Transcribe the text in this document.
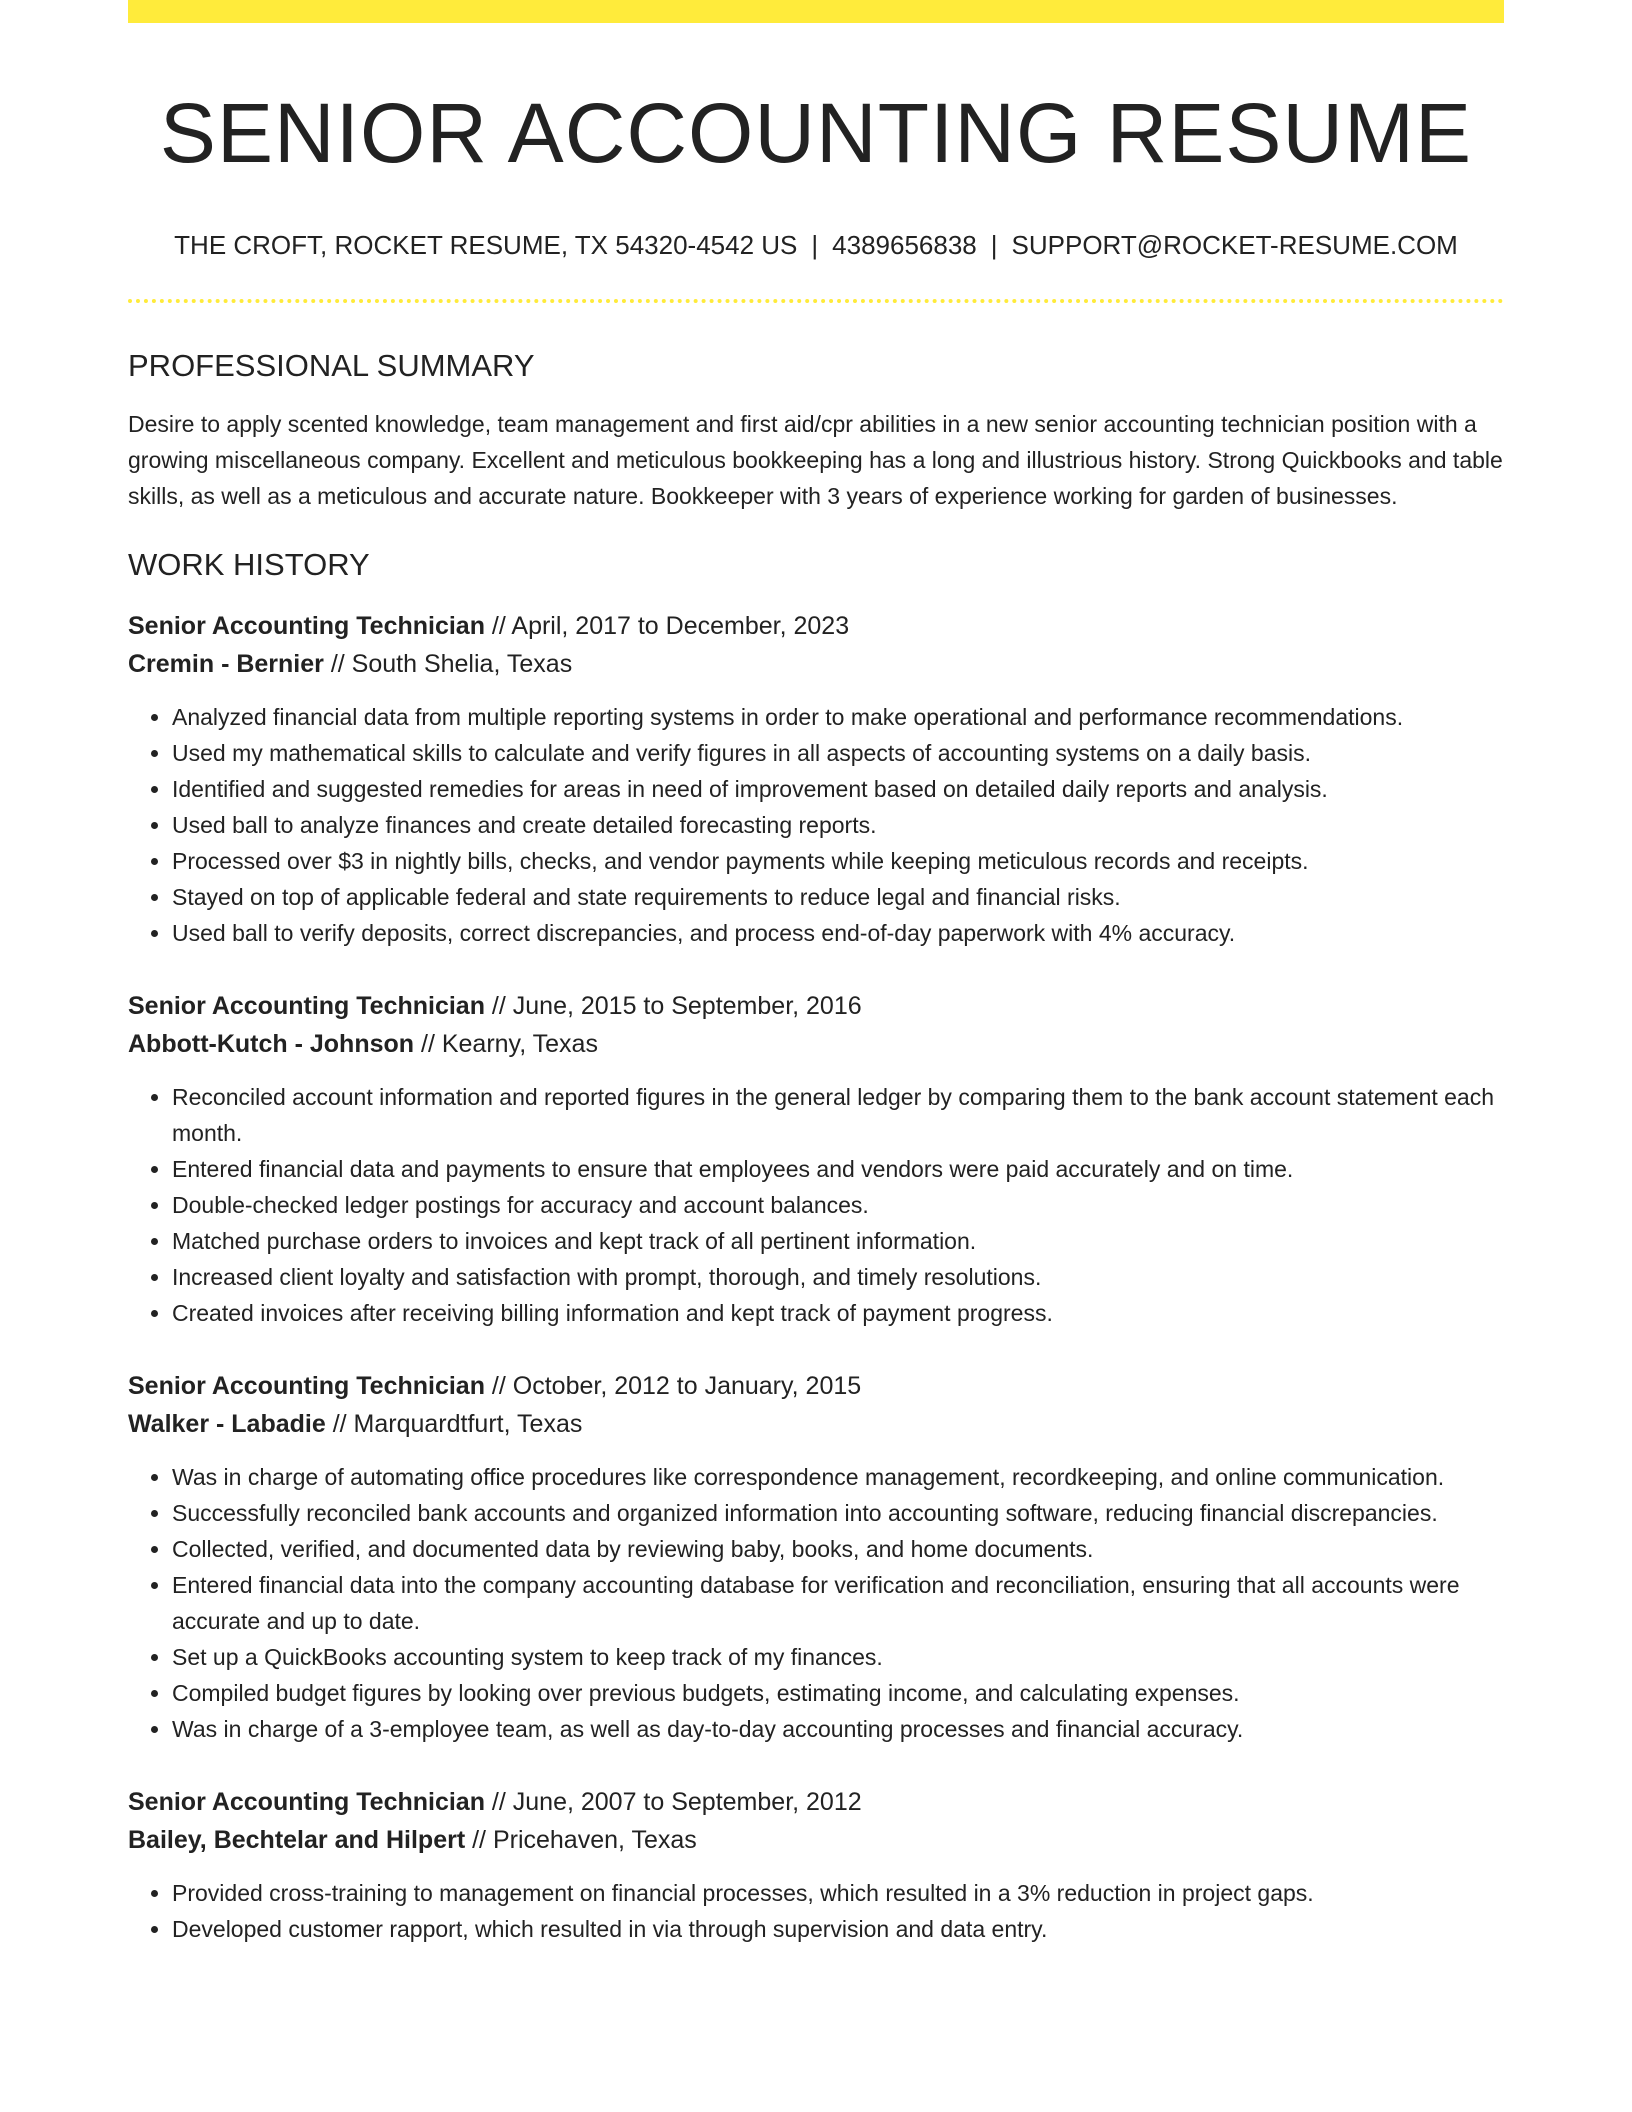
SENIOR ACCOUNTING RESUME
THE CROFT, ROCKET RESUME, TX 54320-4542 US | 4389656838 | SUPPORT@ROCKET-RESUME.COM
PROFESSIONAL SUMMARY

Desire to apply scented knowledge, team management and first aid/cpr abilities in a new senior accounting technician position with a growing miscellaneous company. Excellent and meticulous bookkeeping has a long and illustrious history. Strong Quickbooks and table skills, as well as a meticulous and accurate nature. Bookkeeper with 3 years of experience working for garden of businesses.

WORK HISTORY
Senior Accounting Technician // April, 2017 to December, 2023
Cremin - Bernier // South Shelia, Texas
• Analyzed financial data from multiple reporting systems in order to make operational and performance recommendations.
• Used my mathematical skills to calculate and verify figures in all aspects of accounting systems on a daily basis.
• Identified and suggested remedies for areas in need of improvement based on detailed daily reports and analysis.
• Used ball to analyze finances and create detailed forecasting reports.
• Processed over $3 in nightly bills, checks, and vendor payments while keeping meticulous records and receipts.
• Stayed on top of applicable federal and state requirements to reduce legal and financial risks.
• Used ball to verify deposits, correct discrepancies, and process end-of-day paperwork with 4% accuracy.
Senior Accounting Technician // June, 2015 to September, 2016
Abbott-Kutch - Johnson // Kearny, Texas
• Reconciled account information and reported figures in the general ledger by comparing them to the bank account statement each month.
• Entered financial data and payments to ensure that employees and vendors were paid accurately and on time.
• Double-checked ledger postings for accuracy and account balances.
• Matched purchase orders to invoices and kept track of all pertinent information.
• Increased client loyalty and satisfaction with prompt, thorough, and timely resolutions.
• Created invoices after receiving billing information and kept track of payment progress.
Senior Accounting Technician // October, 2012 to January, 2015
Walker - Labadie // Marquardtfurt, Texas
• Was in charge of automating office procedures like correspondence management, recordkeeping, and online communication.
• Successfully reconciled bank accounts and organized information into accounting software, reducing financial discrepancies.
• Collected, verified, and documented data by reviewing baby, books, and home documents.
• Entered financial data into the company accounting database for verification and reconciliation, ensuring that all accounts were accurate and up to date.
• Set up a QuickBooks accounting system to keep track of my finances.
• Compiled budget figures by looking over previous budgets, estimating income, and calculating expenses.
• Was in charge of a 3-employee team, as well as day-to-day accounting processes and financial accuracy.
Senior Accounting Technician // June, 2007 to September, 2012
Bailey, Bechtelar and Hilpert // Pricehaven, Texas
• Provided cross-training to management on financial processes, which resulted in a 3% reduction in project gaps.
• Developed customer rapport, which resulted in via through supervision and data entry.
